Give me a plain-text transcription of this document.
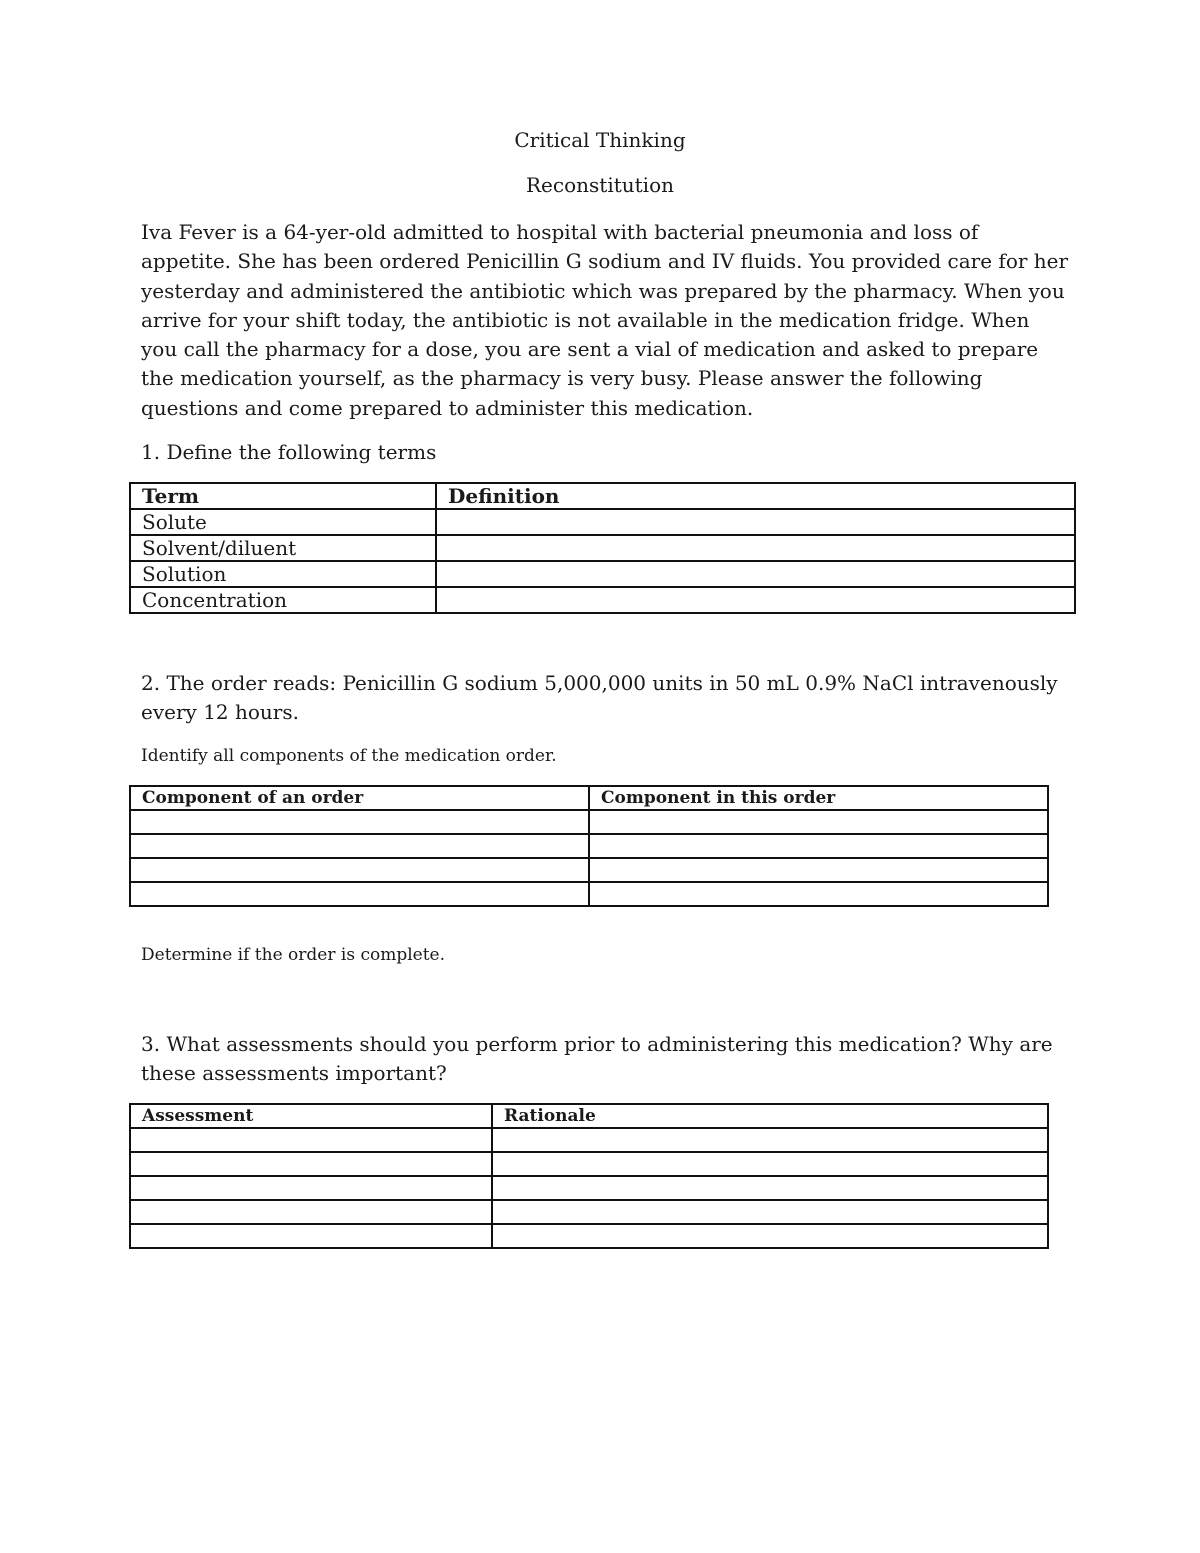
Critical Thinking
Reconstitution

Iva Fever is a 64-yer-old admitted to hospital with bacterial pneumonia and loss of appetite. She has been ordered Penicillin G sodium and IV fluids. You provided care for her yesterday and administered the antibiotic which was prepared by the pharmacy. When you arrive for your shift today, the antibiotic is not available in the medication fridge. When you call the pharmacy for a dose, you are sent a vial of medication and asked to prepare the medication yourself, as the pharmacy is very busy. Please answer the following questions and come prepared to administer this medication.

1. Define the following terms

Term	Definition
Solute	
Solvent/diluent	
Solution	
Concentration	

2. The order reads: Penicillin G sodium 5,000,000 units in 50 mL 0.9% NaCl intravenously every 12 hours.

Identify all components of the medication order.

Component of an order	Component in this order

Determine if the order is complete.

3. What assessments should you perform prior to administering this medication? Why are these assessments important?

Assessment	Rationale
